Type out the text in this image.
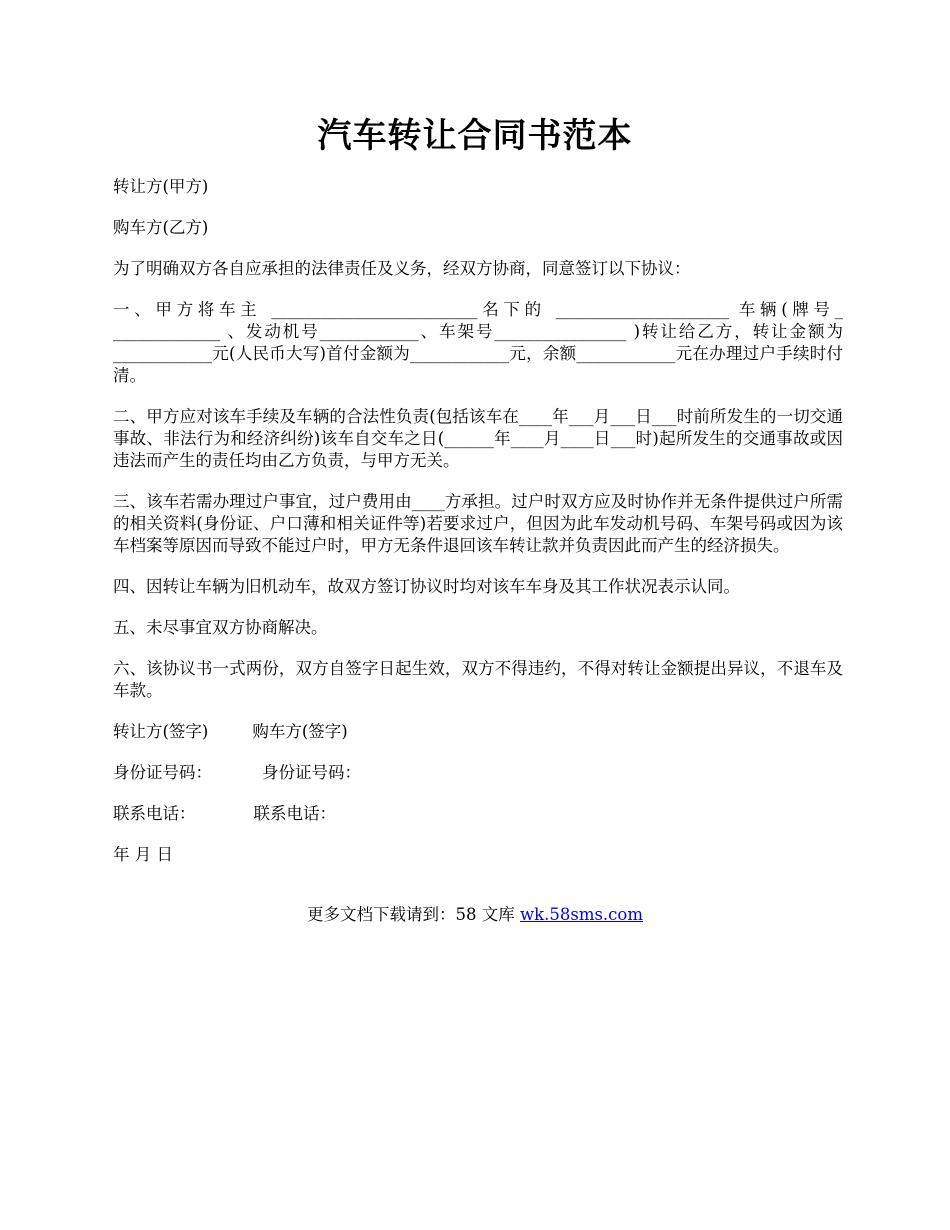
汽车转让合同书范本

转让方(甲方)

购车方(乙方)

为了明确双方各自应承担的法律责任及义务，经双方协商，同意签订以下协议：

一、甲方将车主 _________________________名下的 _____________________ 车辆(牌号_ _____________ 、发动机号____________、车架号________________ )转让给乙方，转让金额为____________元(人民币大写)首付金额为____________元，余额____________元在办理过户手续时付清。

二、甲方应对该车手续及车辆的合法性负责(包括该车在____年___月___日___时前所发生的一切交通事故、非法行为和经济纠纷)该车自交车之日(______年____月____日___时)起所发生的交通事故或因违法而产生的责任均由乙方负责，与甲方无关。

三、该车若需办理过户事宜，过户费用由____方承担。过户时双方应及时协作并无条件提供过户所需的相关资料(身份证、户口薄和相关证件等)若要求过户，但因为此车发动机号码、车架号码或因为该车档案等原因而导致不能过户时，甲方无条件退回该车转让款并负责因此而产生的经济损失。

四、因转让车辆为旧机动车，故双方签订协议时均对该车车身及其工作状况表示认同。

五、未尽事宜双方协商解决。

六、该协议书一式两份，双方自签字日起生效，双方不得违约，不得对转让金额提出异议，不退车及车款。

转让方(签字)	购车方(签字)

身份证号码：	身份证号码：

联系电话：	联系电话：

年 月 日

更多文档下载请到：58 文库 wk.58sms.com
